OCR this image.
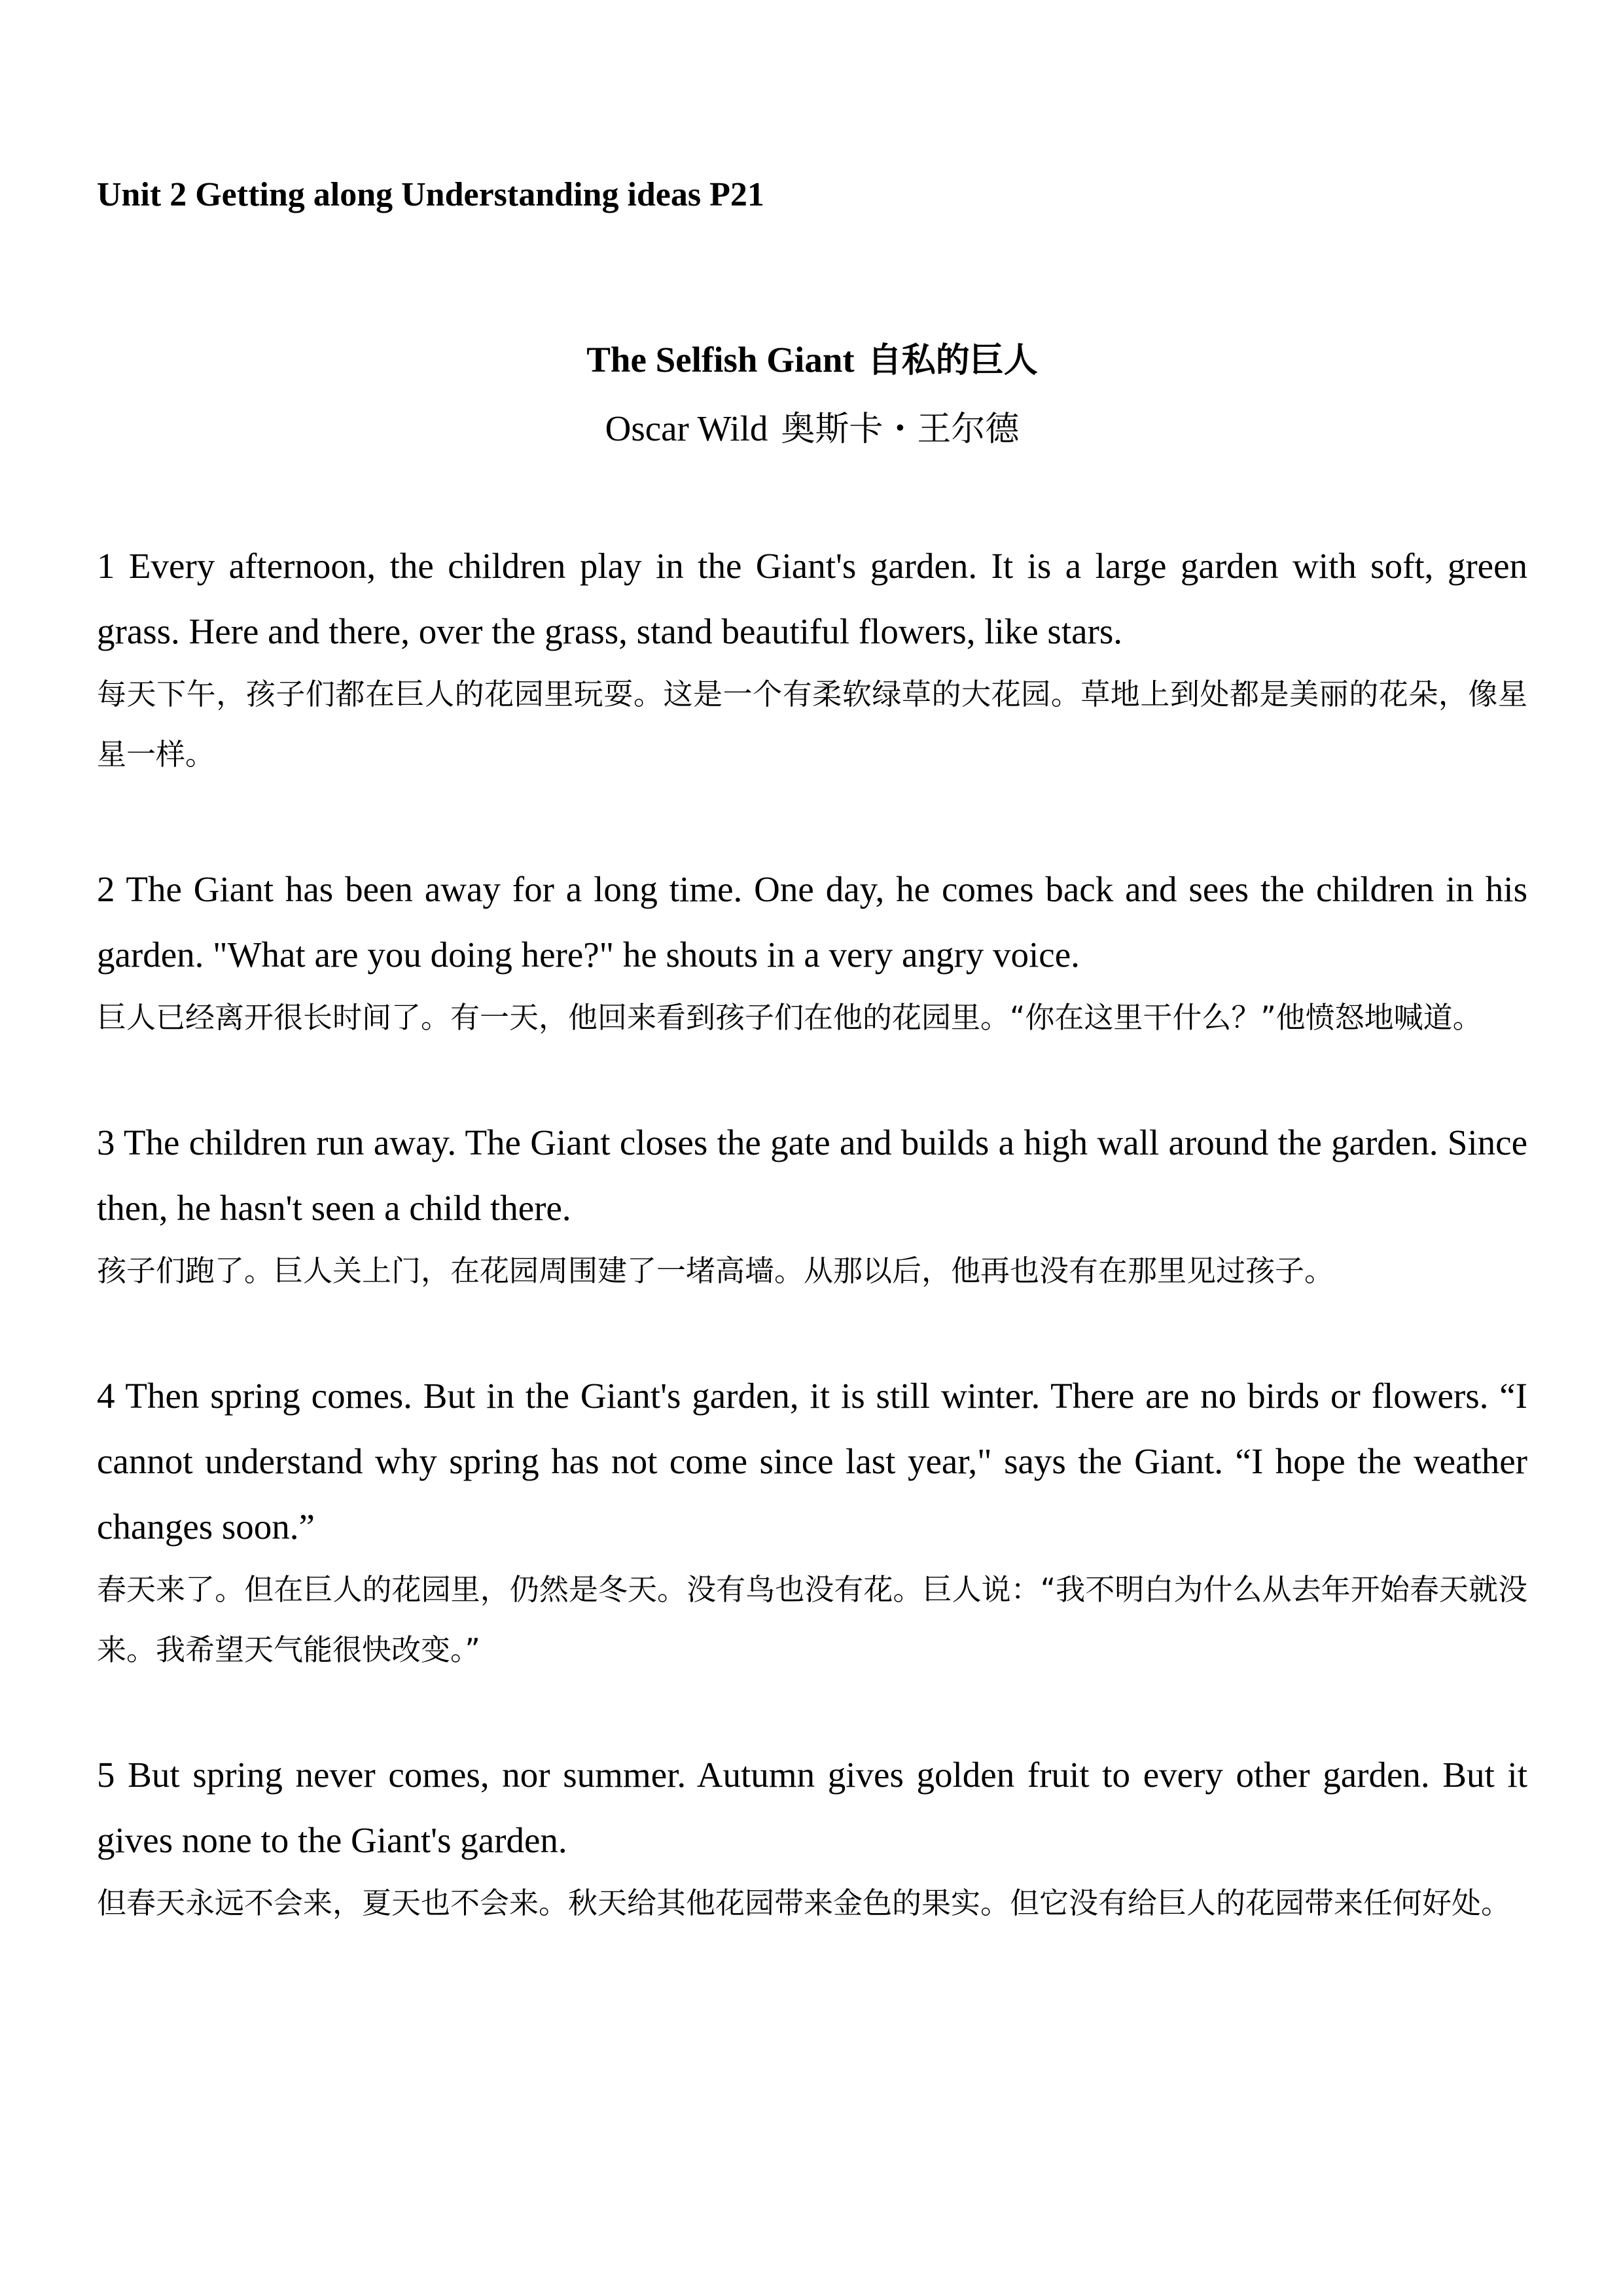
Unit 2 Getting along Understanding ideas P21
The Selfish Giant 自私的巨人

Oscar Wild 奥斯卡・王尔德

1 Every afternoon, the children play in the Giant's garden. It is a large garden with soft, green grass. Here and there, over the grass, stand beautiful flowers, like stars.

每天下午，孩子们都在巨人的花园里玩耍。这是一个有柔软绿草的大花园。草地上到处都是美丽的花朵，像星星一样。

2 The Giant has been away for a long time. One day, he comes back and sees the children in his garden. "What are you doing here?" he shouts in a very angry voice.

巨人已经离开很长时间了。有一天，他回来看到孩子们在他的花园里。“你在这里干什么？”他愤怒地喊道。

3 The children run away. The Giant closes the gate and builds a high wall around the garden. Since then, he hasn't seen a child there.

孩子们跑了。巨人关上门，在花园周围建了一堵高墙。从那以后，他再也没有在那里见过孩子。

4 Then spring comes. But in the Giant's garden, it is still winter. There are no birds or flowers. “I cannot understand why spring has not come since last year," says the Giant. “I hope the weather changes soon.”

春天来了。但在巨人的花园里，仍然是冬天。没有鸟也没有花。巨人说：“我不明白为什么从去年开始春天就没来。我希望天气能很快改变。”

5 But spring never comes, nor summer. Autumn gives golden fruit to every other garden. But it gives none to the Giant's garden.

但春天永远不会来，夏天也不会来。秋天给其他花园带来金色的果实。但它没有给巨人的花园带来任何好处。
